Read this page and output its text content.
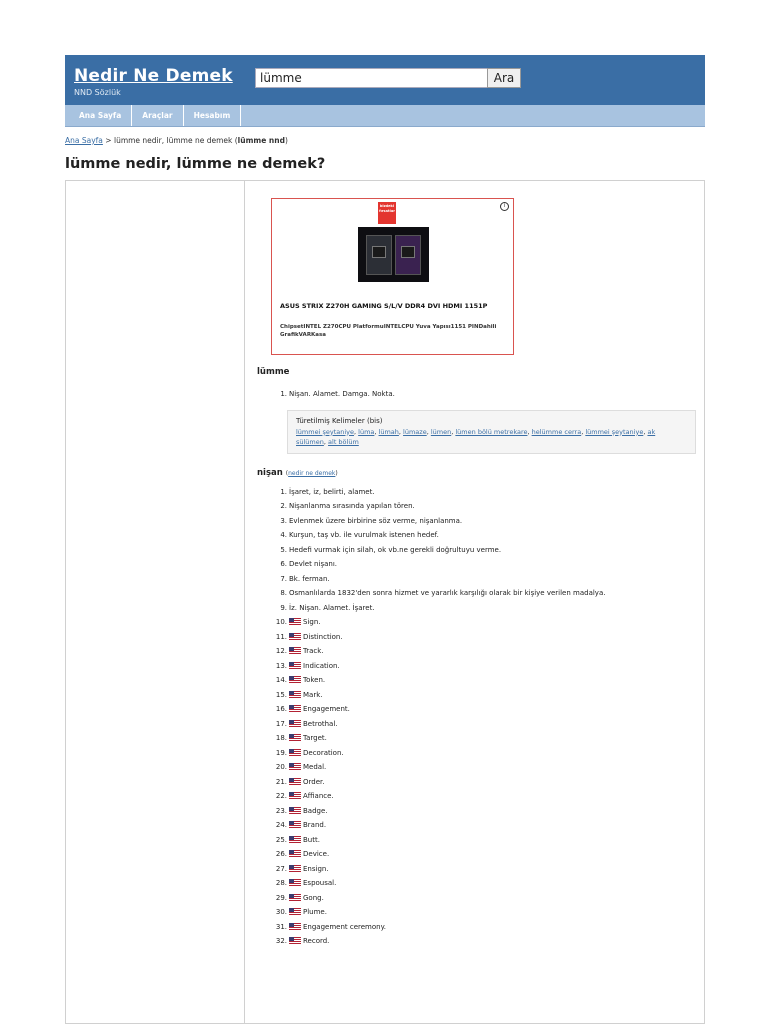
Nedir Ne Demek
NND Sözlük
lümme
Ara
Ana Sayfa	Araçlar	Hesabım
Ana Sayfa > lümme nedir, lümme ne demek (lümme nnd)
lümme nedir, lümme ne demek?
bizdeki fırsatlar
i
ASUS STRIX Z270H GAMING S/L/V DDR4 DVI HDMI 1151P
ChipsetINTEL Z270CPU PlatformuINTELCPU Yuva Yapısı1151 PINDahili GrafikVARKasa
lümme
1. Nişan. Alamet. Damga. Nokta.
Türetilmiş Kelimeler (bis)
lümmei şeytaniye, lüma, lümah, lümaze, lümen, lümen bölü metrekare, helümme cerra, lümmei şeytaniye, ak sülümen, alt bölüm
nişan (nedir ne demek)
1. İşaret, iz, belirti, alamet.
2. Nişanlanma sırasında yapılan tören.
3. Evlenmek üzere birbirine söz verme, nişanlanma.
4. Kurşun, taş vb. ile vurulmak istenen hedef.
5. Hedefi vurmak için silah, ok vb.ne gerekli doğrultuyu verme.
6. Devlet nişanı.
7. Bk. ferman.
8. Osmanlılarda 1832'den sonra hizmet ve yararlık karşılığı olarak bir kişiye verilen madalya.
9. İz. Nişan. Alamet. İşaret.
10.	Sign.
11.	Distinction.
12.	Track.
13.	Indication.
14.	Token.
15.	Mark.
16.	Engagement.
17.	Betrothal.
18.	Target.
19.	Decoration.
20.	Medal.
21.	Order.
22.	Affiance.
23.	Badge.
24.	Brand.
25.	Butt.
26.	Device.
27.	Ensign.
28.	Espousal.
29.	Gong.
30.	Plume.
31.	Engagement ceremony.
32.	Record.
